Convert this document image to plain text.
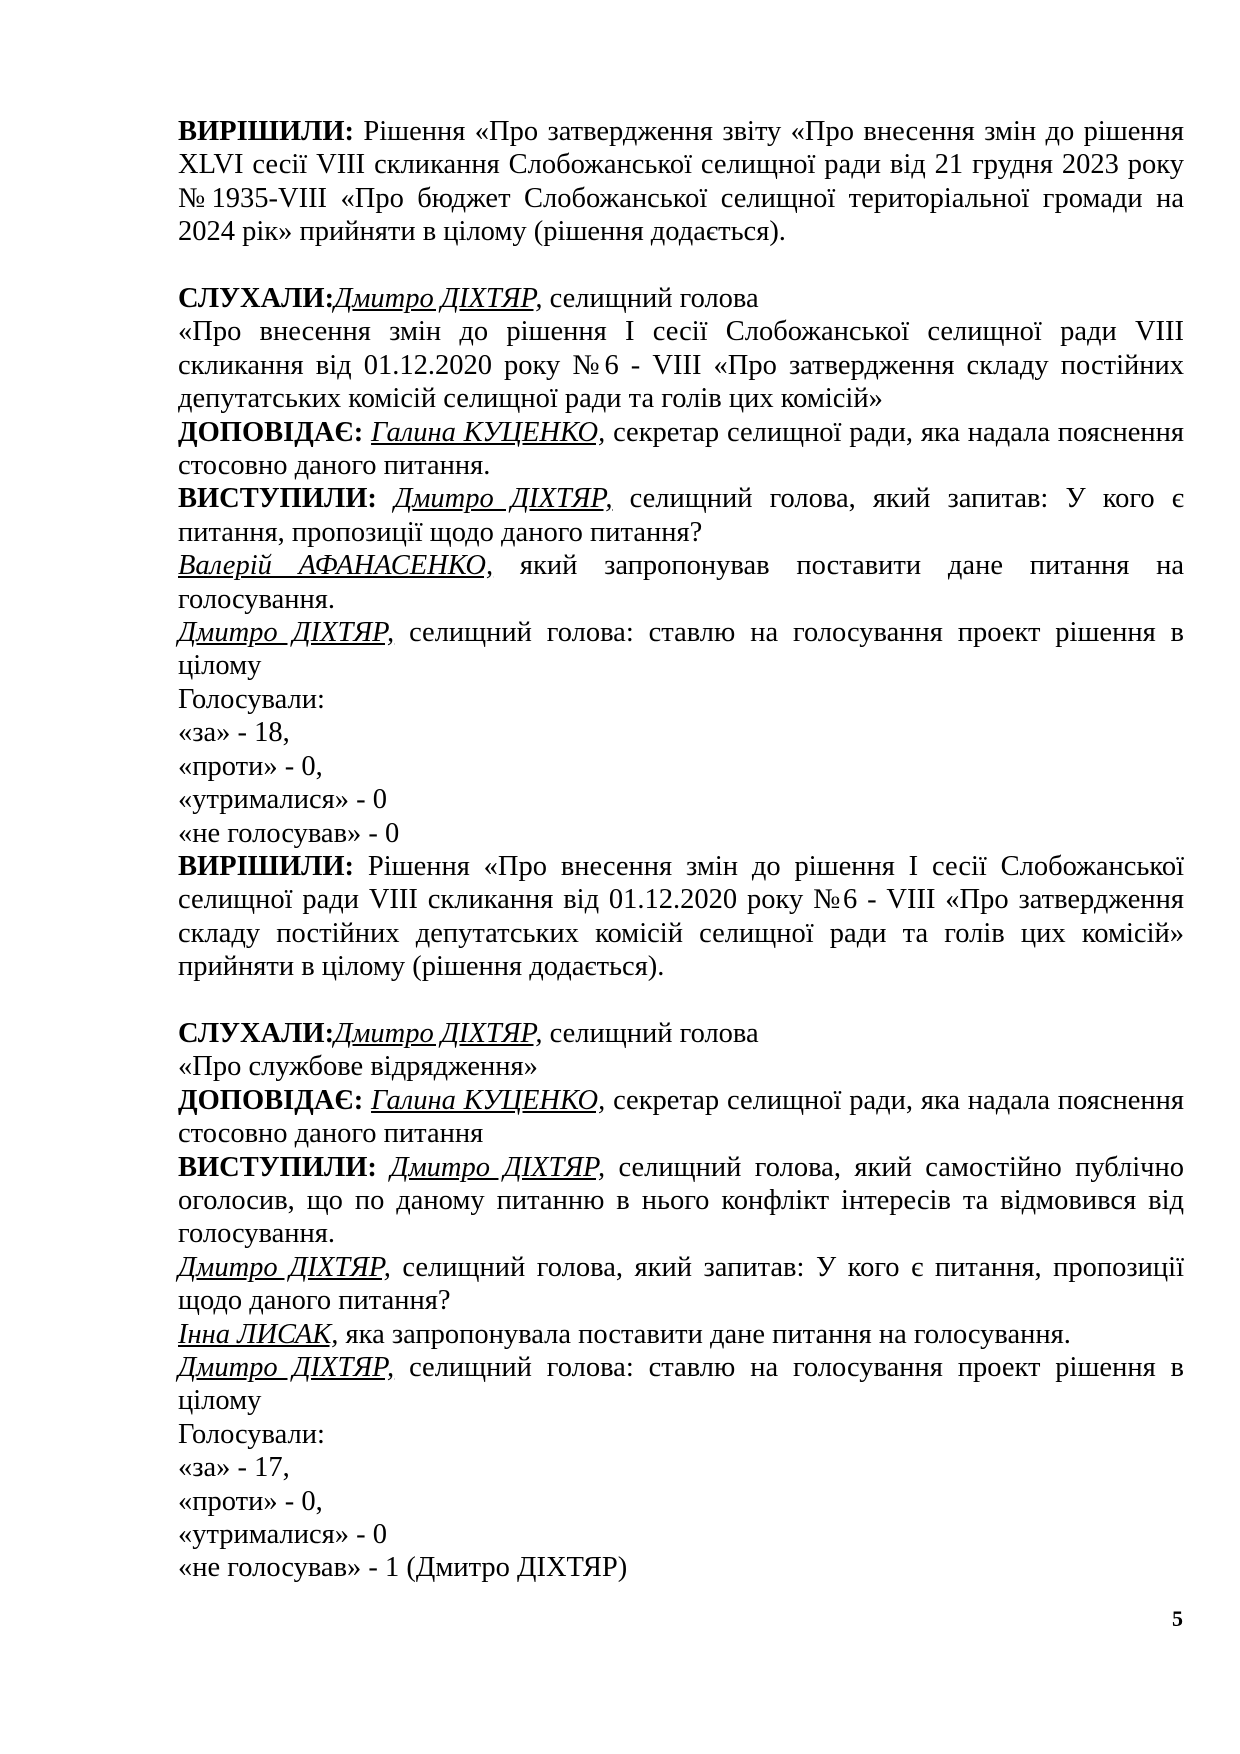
ВИРІШИЛИ: Рішення «Про затвердження звіту «Про внесення змін до рішення XLVI сесії VIII скликання Слобожанської селищної ради від 21 грудня 2023 року №1935-VIII «Про бюджет Слобожанської селищної територіальної громади на 2024 рік» прийняти в цілому (рішення додається).

СЛУХАЛИ:Дмитро ДІХТЯР, селищний голова

«Про внесення змін до рішення I сесії Слобожанської селищної ради VIII скликання від 01.12.2020 року №6 - VIII «Про затвердження складу постійних депутатських комісій селищної ради та голів цих комісій»

ДОПОВІДАЄ: Галина КУЦЕНКО, секретар селищної ради, яка надала пояснення стосовно даного питання.

ВИСТУПИЛИ: Дмитро ДІХТЯР, селищний голова, який запитав: У кого є питання, пропозиції щодо даного питання?

Валерій АФАНАСЕНКО, який запропонував поставити дане питання на голосування.

Дмитро ДІХТЯР, селищний голова: ставлю на голосування проект рішення в цілому

Голосували:

«за» - 18,

«проти» - 0,

«утрималися» - 0

«не голосував» - 0

ВИРІШИЛИ: Рішення «Про внесення змін до рішення I сесії Слобожанської селищної ради VIII скликання від 01.12.2020 року №6 - VIII «Про затвердження складу постійних депутатських комісій селищної ради та голів цих комісій» прийняти в цілому (рішення додається).

СЛУХАЛИ:Дмитро ДІХТЯР, селищний голова

«Про службове відрядження»

ДОПОВІДАЄ: Галина КУЦЕНКО, секретар селищної ради, яка надала пояснення стосовно даного питання

ВИСТУПИЛИ: Дмитро ДІХТЯР, селищний голова, який самостійно публічно оголосив, що по даному питанню в нього конфлікт інтересів та відмовився від голосування.

Дмитро ДІХТЯР, селищний голова, який запитав: У кого є питання, пропозиції щодо даного питання?

Інна ЛИСАК, яка запропонувала поставити дане питання на голосування.

Дмитро ДІХТЯР, селищний голова: ставлю на голосування проект рішення в цілому

Голосували:

«за» - 17,

«проти» - 0,

«утрималися» - 0

«не голосував» - 1 (Дмитро ДІХТЯР)

5
